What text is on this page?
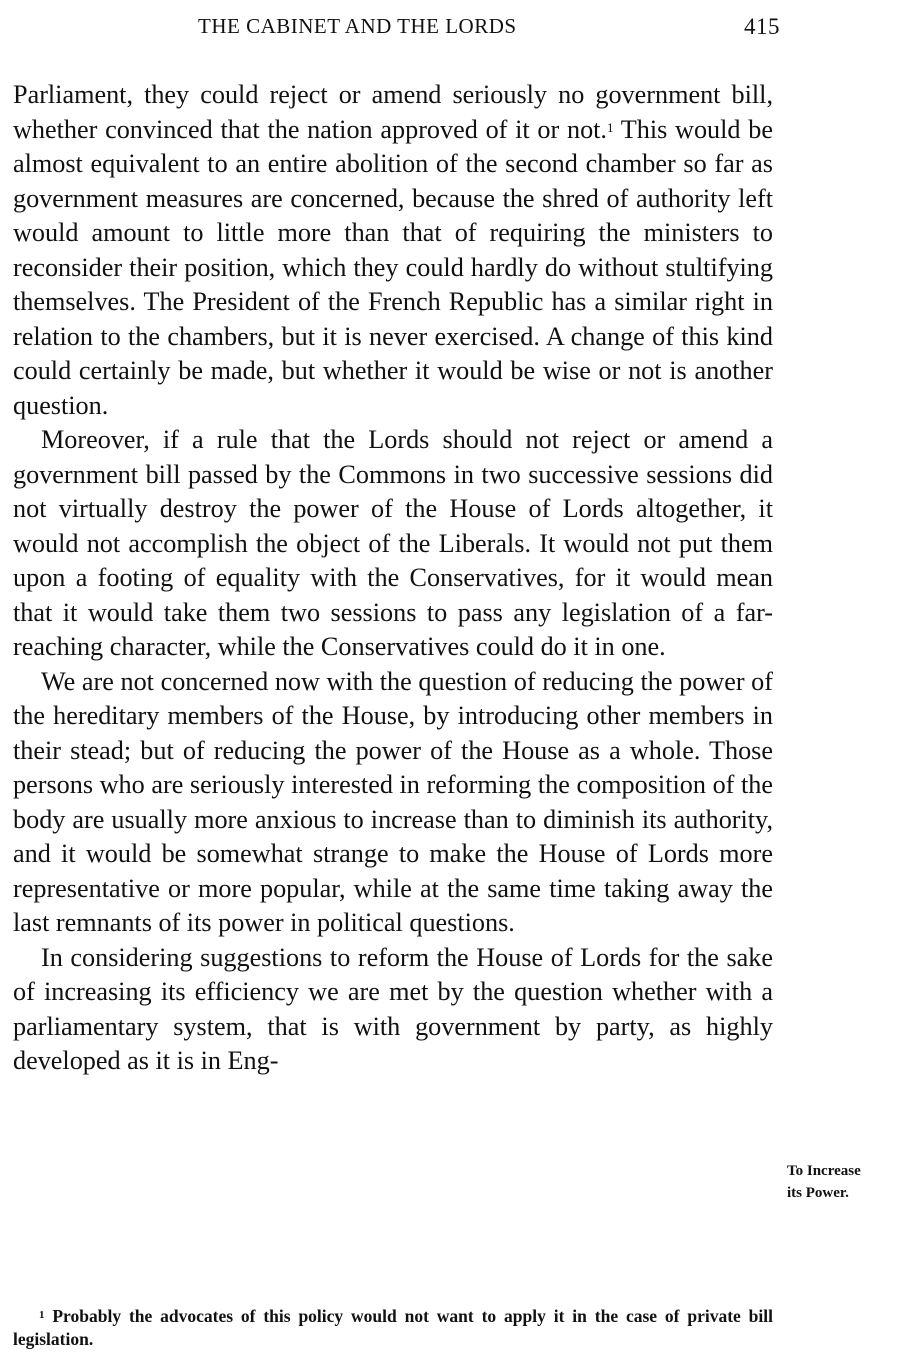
THE CABINET AND THE LORDS	415

Parliament, they could reject or amend seriously no government bill, whether convinced that the nation approved of it or not.$^1$ This would be almost equivalent to an entire abolition of the second chamber so far as government measures are concerned, because the shred of authority left would amount to little more than that of requiring the ministers to reconsider their position, which they could hardly do without stultifying themselves. The President of the French Republic has a similar right in relation to the chambers, but it is never exercised. A change of this kind could certainly be made, but whether it would be wise or not is another question.

Moreover, if a rule that the Lords should not reject or amend a government bill passed by the Commons in two successive sessions did not virtually destroy the power of the House of Lords altogether, it would not accomplish the object of the Liberals. It would not put them upon a footing of equality with the Conservatives, for it would mean that it would take them two sessions to pass any legislation of a far-reaching character, while the Conservatives could do it in one.

We are not concerned now with the question of reducing the power of the hereditary members of the House, by introducing other members in their stead; but of reducing the power of the House as a whole. Those persons who are seriously interested in reforming the composition of the body are usually more anxious to increase than to diminish its authority, and it would be somewhat strange to make the House of Lords more representative or more popular, while at the same time taking away the last remnants of its power in political questions.

In considering suggestions to reform the House of Lords for the sake of increasing its efficiency we are met by the question whether with a parliamentary system, that is with government by party, as highly developed as it is in Eng-

To Increase
its Power.
$^1$ Probably the advocates of this policy would not want to apply it in the case of private bill legislation.
